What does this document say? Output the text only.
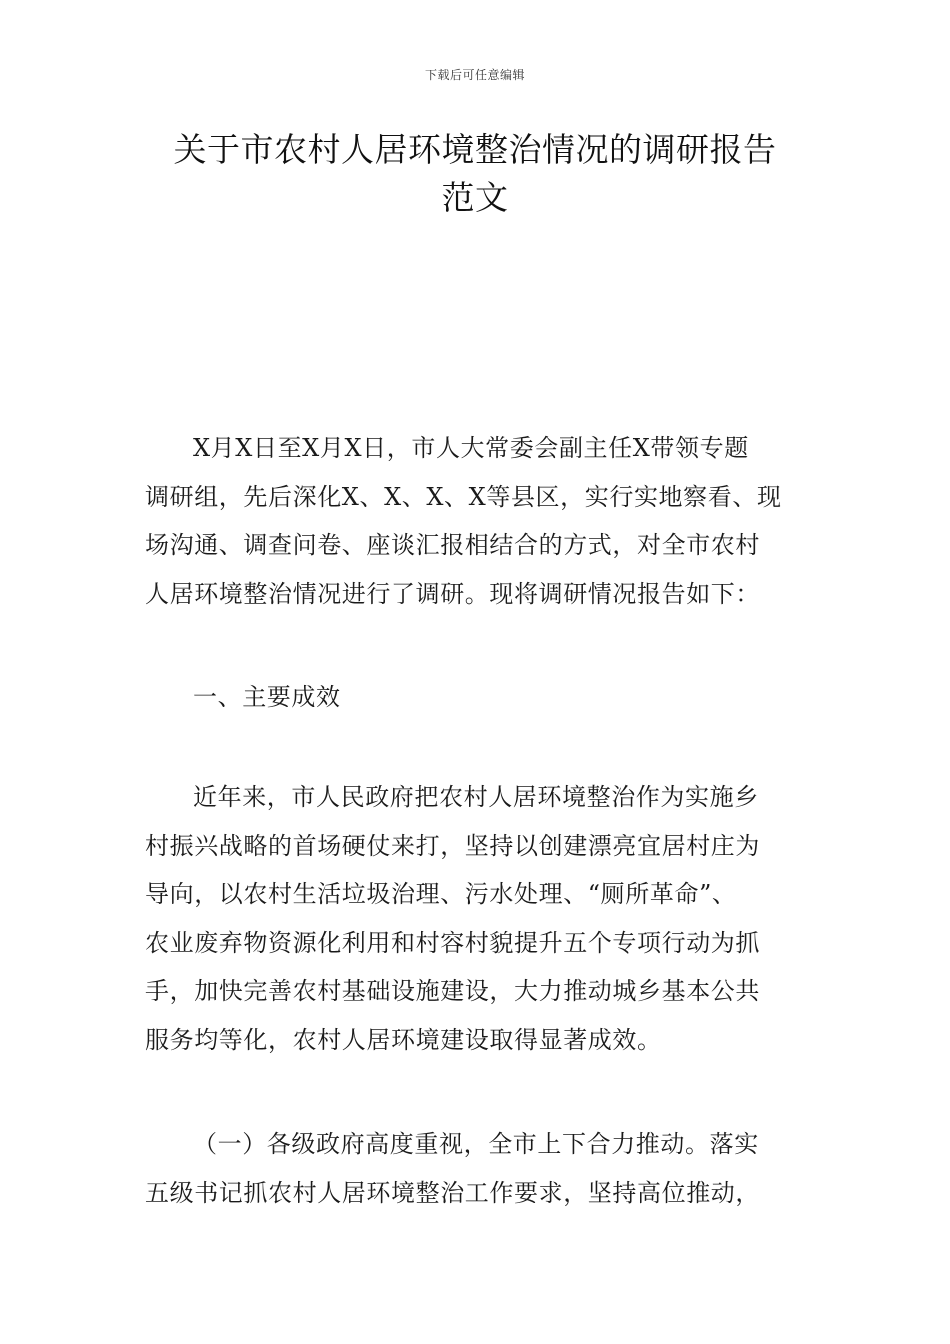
下载后可任意编辑
关于市农村人居环境整治情况的调研报告
范文
X月X日至X月X日，市人大常委会副主任X带领专题
调研组，先后深化X、X、X、X等县区，实行实地察看、现
场沟通、调查问卷、座谈汇报相结合的方式，对全市农村
人居环境整治情况进行了调研。现将调研情况报告如下：
一、主要成效
近年来，市人民政府把农村人居环境整治作为实施乡
村振兴战略的首场硬仗来打，坚持以创建漂亮宜居村庄为
导向，以农村生活垃圾治理、污水处理、“厕所革命”、
农业废弃物资源化利用和村容村貌提升五个专项行动为抓
手，加快完善农村基础设施建设，大力推动城乡基本公共
服务均等化，农村人居环境建设取得显著成效。
（一）各级政府高度重视，全市上下合力推动。落实
五级书记抓农村人居环境整治工作要求，坚持高位推动，
